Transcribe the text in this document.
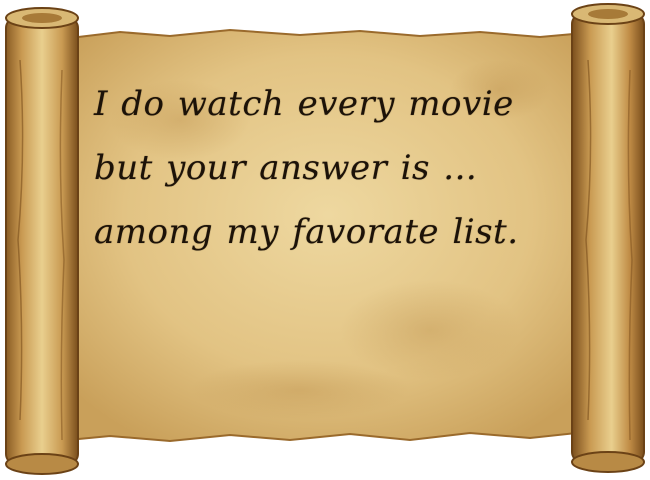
I do watch every movie
but your answer is ...
among my favorate list.
